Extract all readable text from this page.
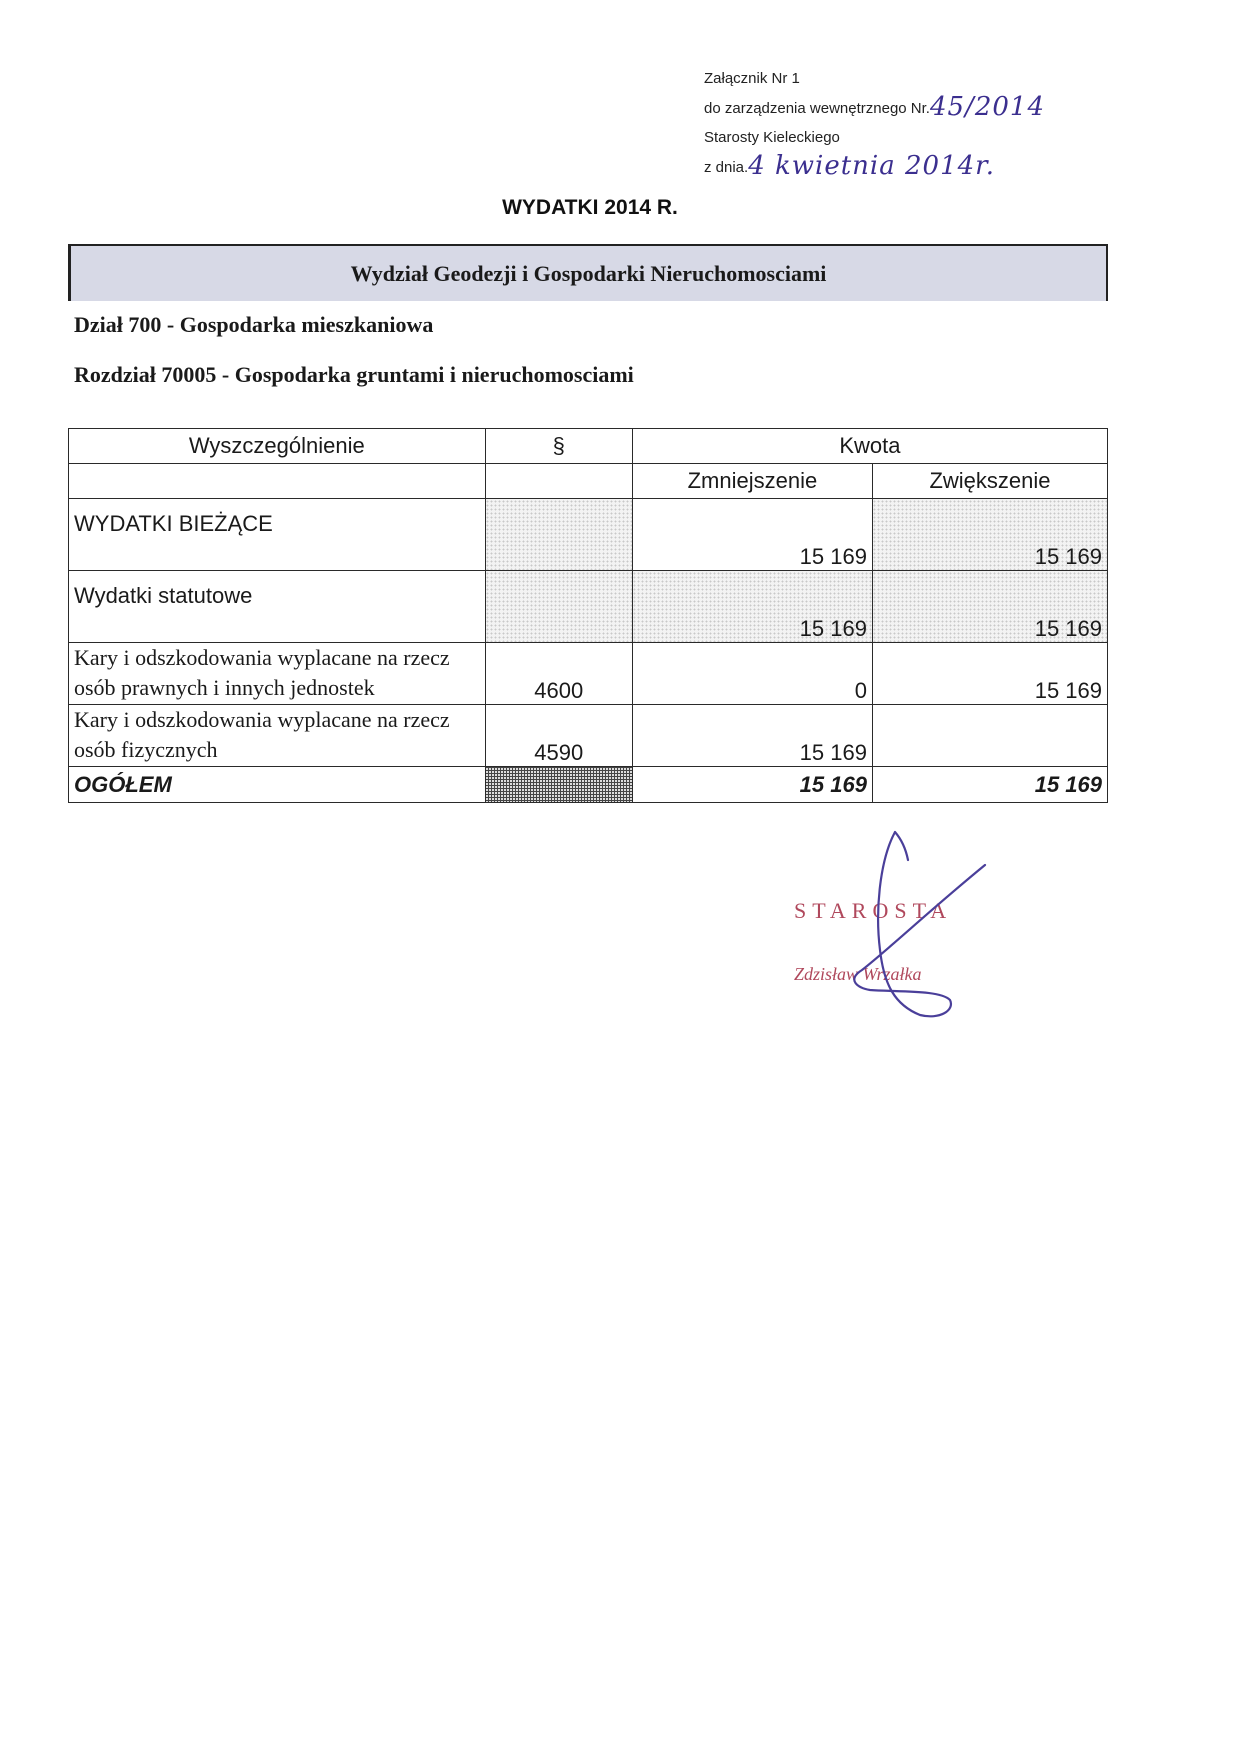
Załącznik Nr 1
do zarządzenia wewnętrznego Nr.45/2014
Starosty Kieleckiego
z dnia.4 kwietnia 2014r.
WYDATKI 2014 R.
Wydział Geodezji i Gospodarki Nieruchomosciami
Dział 700 - Gospodarka mieszkaniowa
Rozdział 70005 - Gospodarka gruntami i nieruchomosciami
Wyszczególnienie	§	Kwota	
		Zmniejszenie	Zwiększenie
WYDATKI BIEŻĄCE		15 169	15 169
Wydatki statutowe		15 169	15 169
Kary i odszkodowania wyplacane na rzecz osób prawnych i innych jednostek	4600	0	15 169
Kary i odszkodowania wyplacane na rzecz osób fizycznych	4590	15 169	
OGÓŁEM		15 169	15 169
STAROSTA
Zdzisław Wrzałka
